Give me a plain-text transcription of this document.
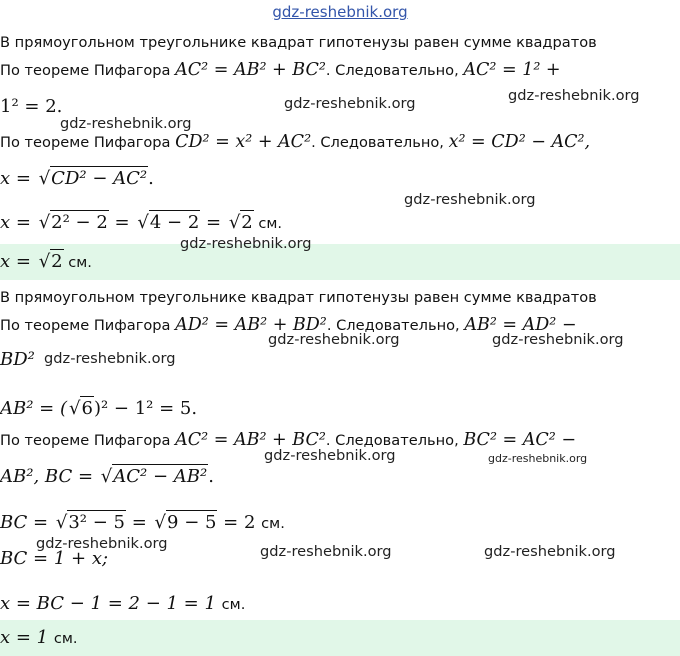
gdz-reshebnik.org
В прямоугольном треугольнике квадрат гипотенузы равен сумме квадратов
По теореме Пифагора AC² = AB² + BC². Следовательно, AC² = 1² +
1² = 2.
По теореме Пифагора CD² = x² + AC². Следовательно, x² = CD² − AC²,
x = √CD² − AC².
x = √2² − 2 = √4 − 2 = √2 см.
x = √2 см.
В прямоугольном треугольнике квадрат гипотенузы равен сумме квадратов
По теореме Пифагора AD² = AB² + BD². Следовательно, AB² = AD² −
BD²
AB² = ( √6)² − 1² = 5.
По теореме Пифагора AC² = AB² + BC². Следовательно, BC² = AC² −
AB², BC = √AC² − AB².
BC = √3² − 5 = √9 − 5 = 2 см.
BC = 1 + x;
x = BC − 1 = 2 − 1 = 1 см.
x = 1 см.
gdz-reshebnik.org	gdz-reshebnik.org
gdz-reshebnik.org
gdz-reshebnik.org
gdz-reshebnik.org
gdz-reshebnik.org	gdz-reshebnik.org
gdz-reshebnik.org
gdz-reshebnik.org	gdz-reshebnik.org
gdz-reshebnik.org	gdz-reshebnik.org	gdz-reshebnik.org
